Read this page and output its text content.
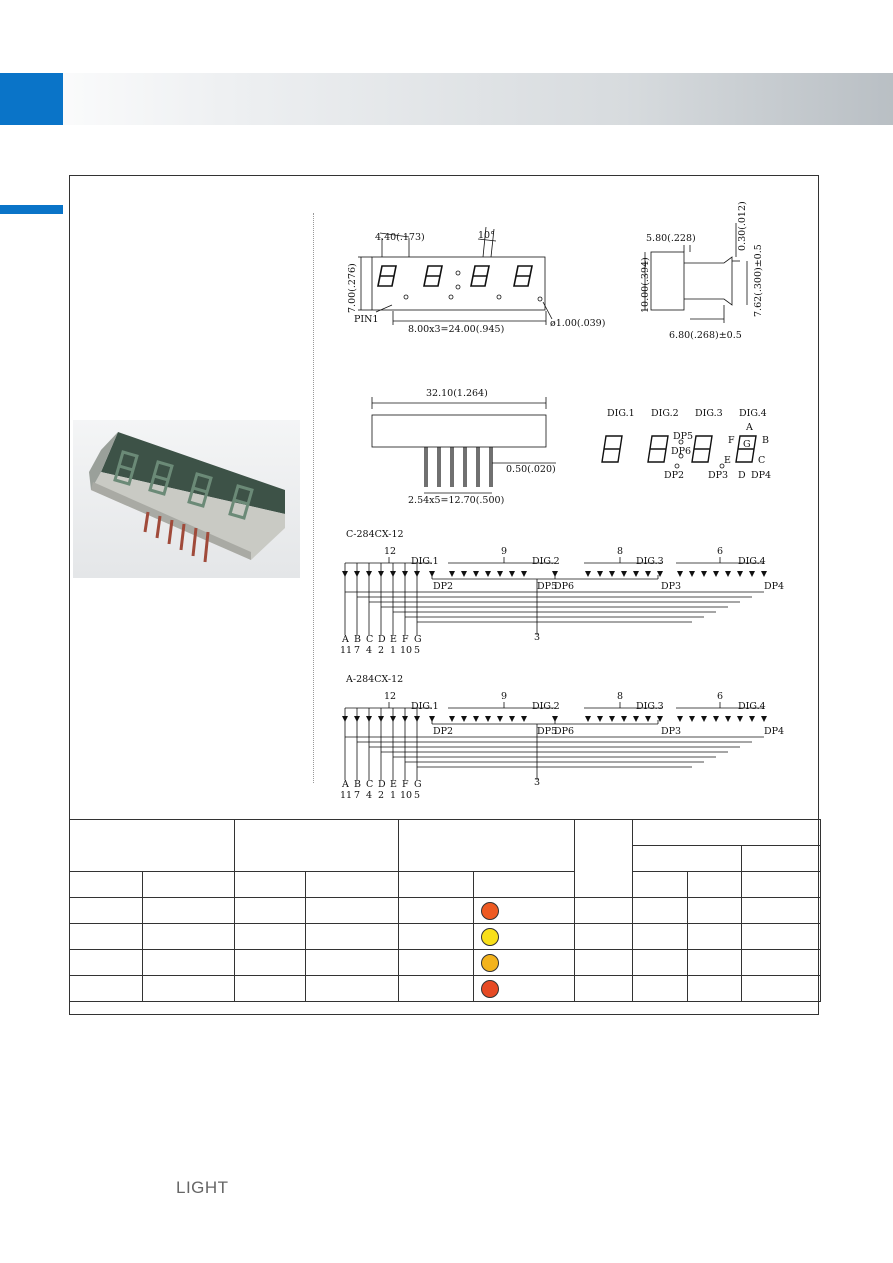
4.40(.173)	10°
7.00(.276)
PIN1
8.00x3=24.00(.945)
ø1.00(.039)
5.80(.228)	0.30(.012)
10.00(.394)	7.62(.300)±0.5
6.80(.268)±0.5
32.10(1.264)
0.50(.020)
2.54x5=12.70(.500)
DIG.1 DIG.2 DIG.3 DIG.4
A
B
C
D
E
F G
DP5
DP6
DP2	DP3 DP4
C-284CX-12
12	9	8	6
DIG.1	DIG.2	DIG.3	DIG.4
DP2	DP5
DP6	DP3	DP4
3
A B C D E F G
11 7 4 2 1 10 5
A-284CX-12
12	9	8	6
DIG.1	DIG.2	DIG.3	DIG.4
DP2	DP5
DP6	DP3	DP4
3
A B C D E F G
11 7 4 2 1 10 5

LIGHT
